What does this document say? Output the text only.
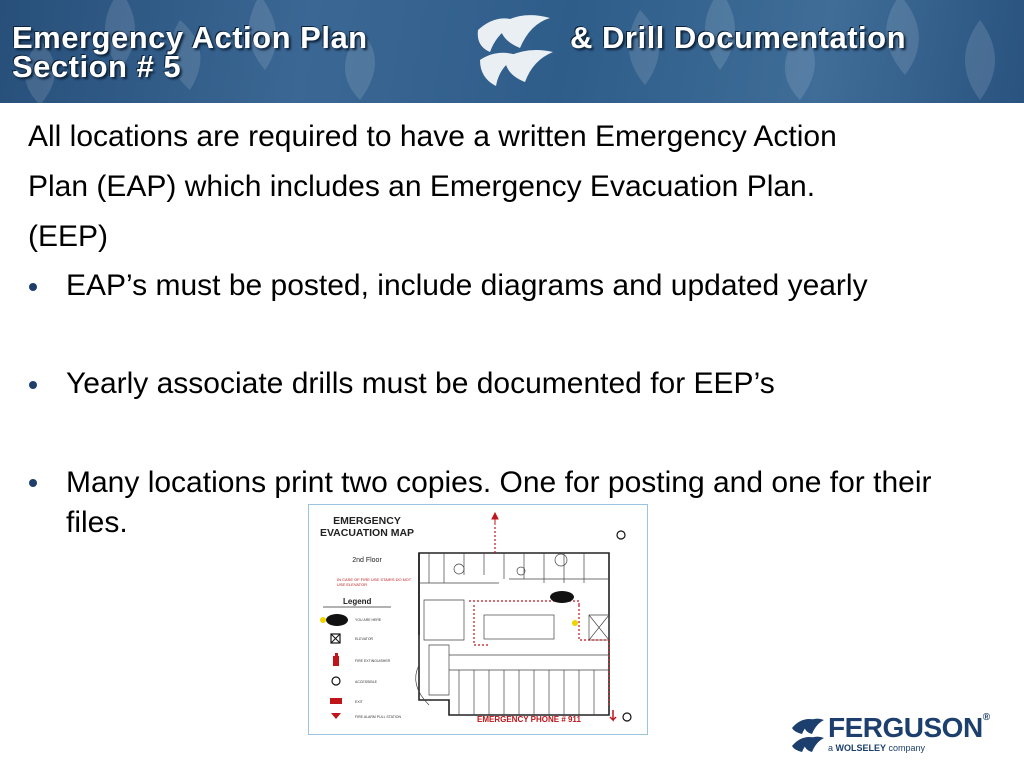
Emergency Action Plan	& Drill Documentation
Section # 5
All locations are required to have a written Emergency Action
Plan (EAP) which includes an Emergency Evacuation Plan.
(EEP)
EAP’s must be posted, include diagrams and updated yearly
Yearly associate drills must be documented for EEP’s
Many locations print two copies. One for posting and one for their files.	EMERGENCY EVACUATION MAP
2nd Floor
IN CASE OF FIRE USE STAIRS DO NOT USE ELEVATOR
Legend
YOU ARE HERE
ELEVATOR
FIRE EXTINGUISHER
ACCESSIBLE
EXIT
FIRE ALARM PULL STATION	EMERGENCY PHONE # 911	FERGUSON®
a WOLSELEY company
